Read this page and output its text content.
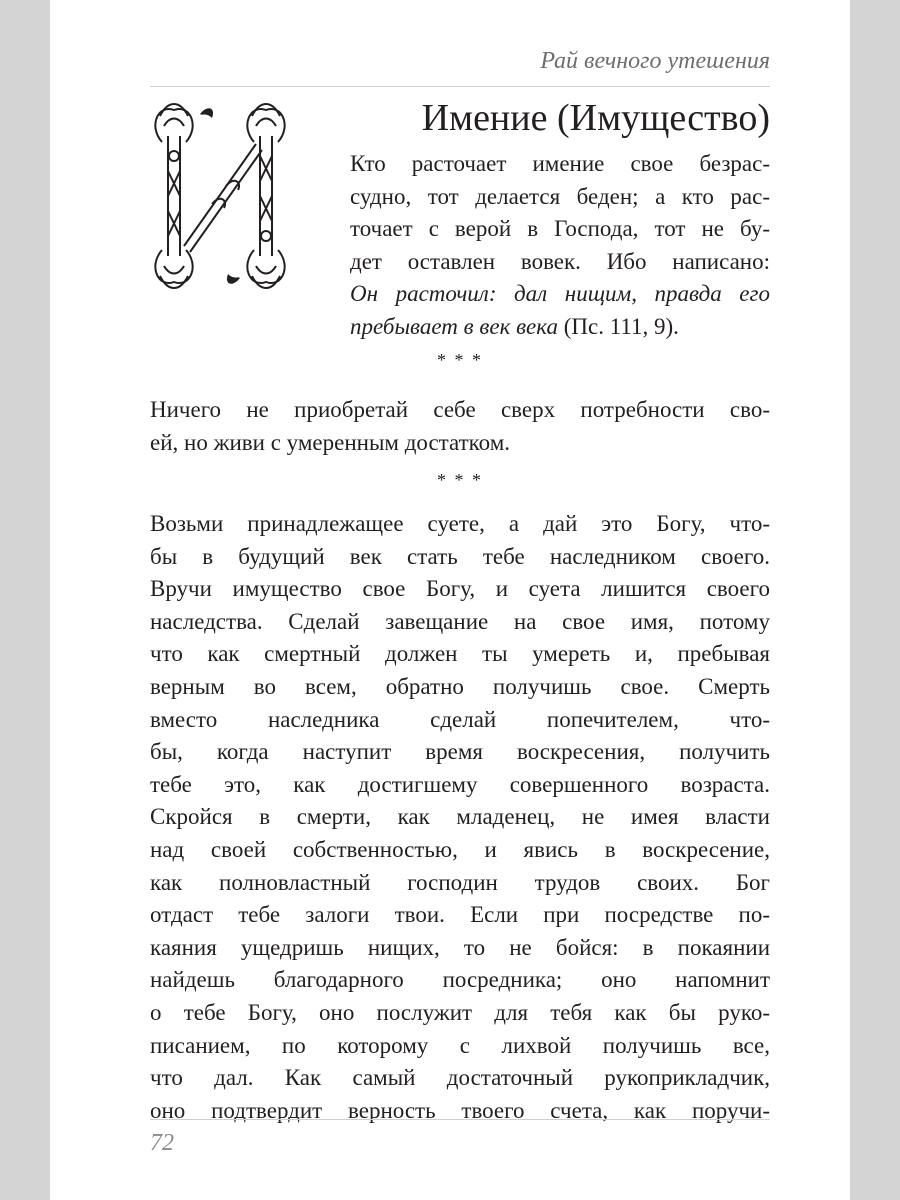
Рай вечного утешения
Имение (Имущество)
Кто расточает имение свое безрас-
судно, тот делается беден; а кто рас-
точает с верой в Господа, тот не бу-
дет оставлен вовек. Ибо написано:
Он расточил: дал нищим, правда его
пребывает в век века (Пс. 111, 9).
* * *
Ничего не приобретай себе сверх потребности сво-
ей, но живи с умеренным достатком.
* * *
Возьми принадлежащее суете, а дай это Богу, что-
бы в будущий век стать тебе наследником своего.
Вручи имущество свое Богу, и суета лишится своего
наследства. Сделай завещание на свое имя, потому
что как смертный должен ты умереть и, пребывая
верным во всем, обратно получишь свое. Смерть
вместо наследника сделай попечителем, что-
бы, когда наступит время воскресения, получить
тебе это, как достигшему совершенного возраста.
Скройся в смерти, как младенец, не имея власти
над своей собственностью, и явись в воскресение,
как полновластный господин трудов своих. Бог
отдаст тебе залоги твои. Если при посредстве по-
каяния ущедришь нищих, то не бойся: в покаянии
найдешь благодарного посредника; оно напомнит
о тебе Богу, оно послужит для тебя как бы руко-
писанием, по которому с лихвой получишь все,
что дал. Как самый достаточный рукоприкладчик,
оно подтвердит верность твоего счета, как поручи-
72
